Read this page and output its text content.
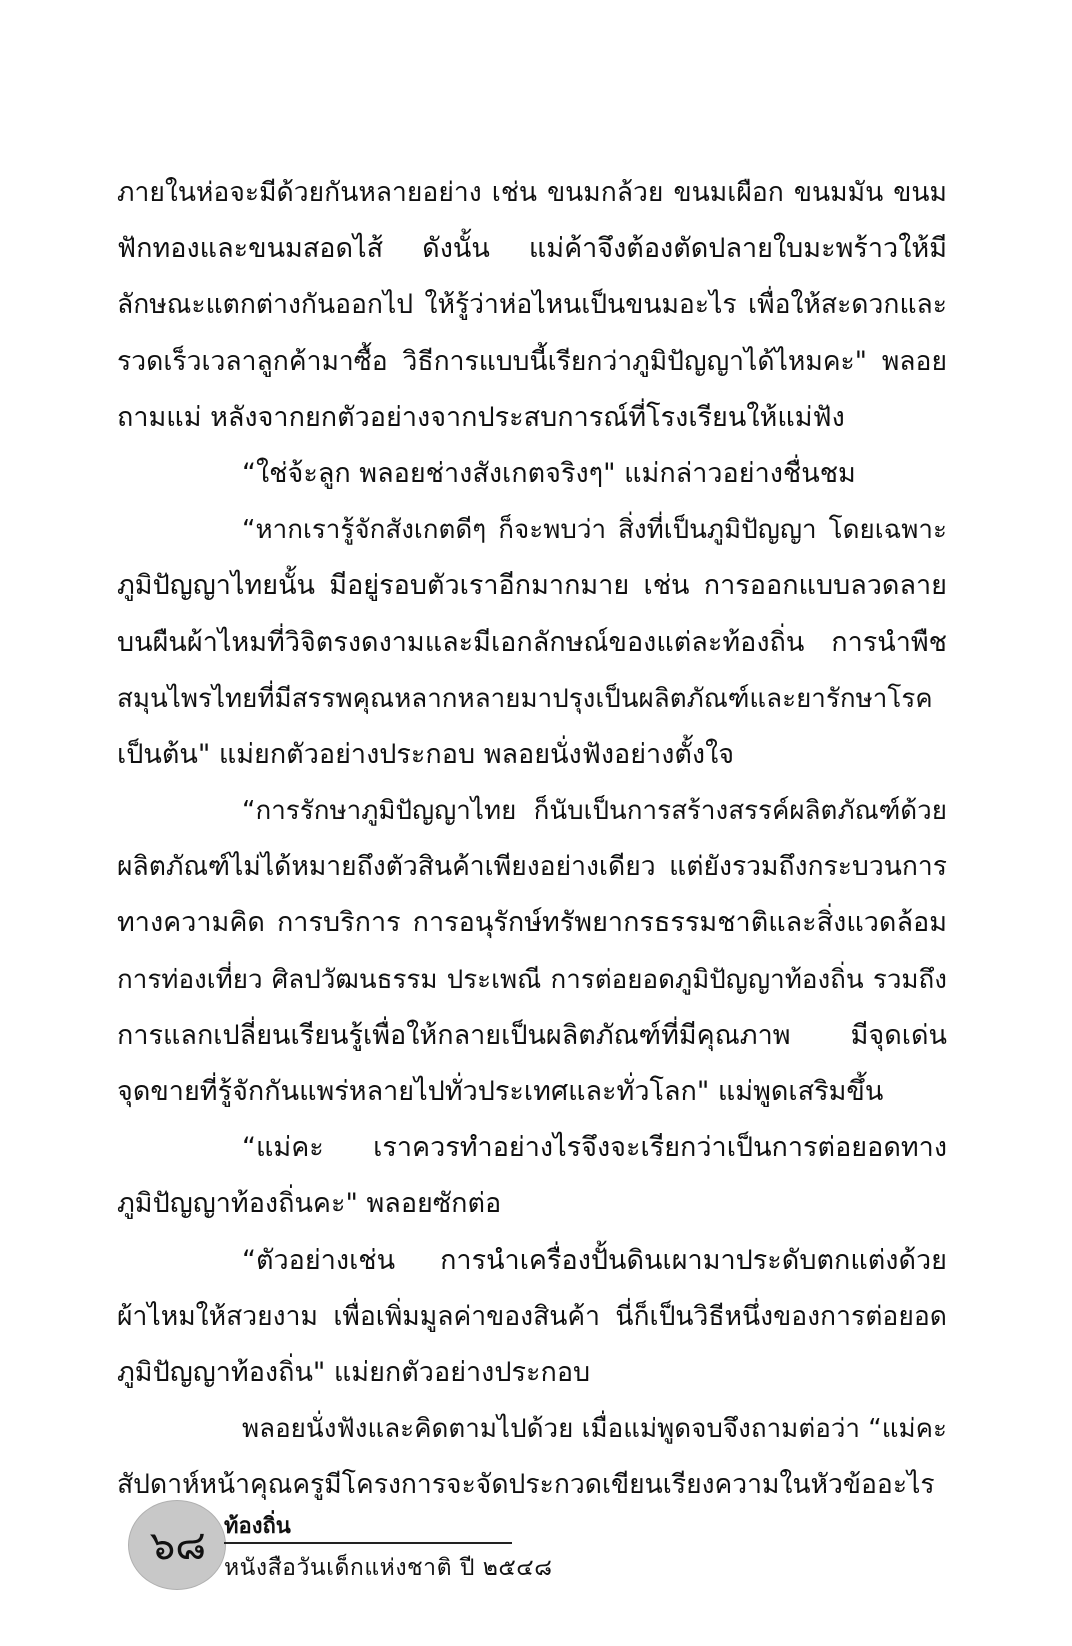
ภายในห่อจะมีด้วยกันหลายอย่าง เช่น ขนมกล้วย ขนมเผือก ขนมมัน ขนม
ฟักทองและขนมสอดไส้ ดังนั้น แม่ค้าจึงต้องตัดปลายใบมะพร้าวให้มี
ลักษณะแตกต่างกันออกไป ให้รู้ว่าห่อไหนเป็นขนมอะไร เพื่อให้สะดวกและ
รวดเร็วเวลาลูกค้ามาซื้อ วิธีการแบบนี้เรียกว่าภูมิปัญญาได้ไหมคะ" พลอย
ถามแม่ หลังจากยกตัวอย่างจากประสบการณ์ที่โรงเรียนให้แม่ฟัง
“ใช่จ้ะลูก พลอยช่างสังเกตจริงๆ" แม่กล่าวอย่างชื่นชม
“หากเรารู้จักสังเกตดีๆ ก็จะพบว่า สิ่งที่เป็นภูมิปัญญา โดยเฉพาะ
ภูมิปัญญาไทยนั้น มีอยู่รอบตัวเราอีกมากมาย เช่น การออกแบบลวดลาย
บนผืนผ้าไหมที่วิจิตรงดงามและมีเอกลักษณ์ของแต่ละท้องถิ่น การนำพืช
สมุนไพรไทยที่มีสรรพคุณหลากหลายมาปรุงเป็นผลิตภัณฑ์และยารักษาโรค
เป็นต้น" แม่ยกตัวอย่างประกอบ พลอยนั่งฟังอย่างตั้งใจ
“การรักษาภูมิปัญญาไทย ก็นับเป็นการสร้างสรรค์ผลิตภัณฑ์ด้วย
ผลิตภัณฑ์ไม่ได้หมายถึงตัวสินค้าเพียงอย่างเดียว แต่ยังรวมถึงกระบวนการ
ทางความคิด การบริการ การอนุรักษ์ทรัพยากรธรรมชาติและสิ่งแวดล้อม
การท่องเที่ยว ศิลปวัฒนธรรม ประเพณี การต่อยอดภูมิปัญญาท้องถิ่น รวมถึง
การแลกเปลี่ยนเรียนรู้เพื่อให้กลายเป็นผลิตภัณฑ์ที่มีคุณภาพ มีจุดเด่น
จุดขายที่รู้จักกันแพร่หลายไปทั่วประเทศและทั่วโลก" แม่พูดเสริมขึ้น
“แม่คะ เราควรทำอย่างไรจึงจะเรียกว่าเป็นการต่อยอดทาง
ภูมิปัญญาท้องถิ่นคะ" พลอยซักต่อ
“ตัวอย่างเช่น การนำเครื่องปั้นดินเผามาประดับตกแต่งด้วย
ผ้าไหมให้สวยงาม เพื่อเพิ่มมูลค่าของสินค้า นี่ก็เป็นวิธีหนึ่งของการต่อยอด
ภูมิปัญญาท้องถิ่น" แม่ยกตัวอย่างประกอบ
พลอยนั่งฟังและคิดตามไปด้วย เมื่อแม่พูดจบจึงถามต่อว่า “แม่คะ
สัปดาห์หน้าคุณครูมีโครงการจะจัดประกวดเขียนเรียงความในหัวข้ออะไร
๖๘ ท้องถิ่น
หนังสือวันเด็กแห่งชาติ ปี ๒๕๔๘
